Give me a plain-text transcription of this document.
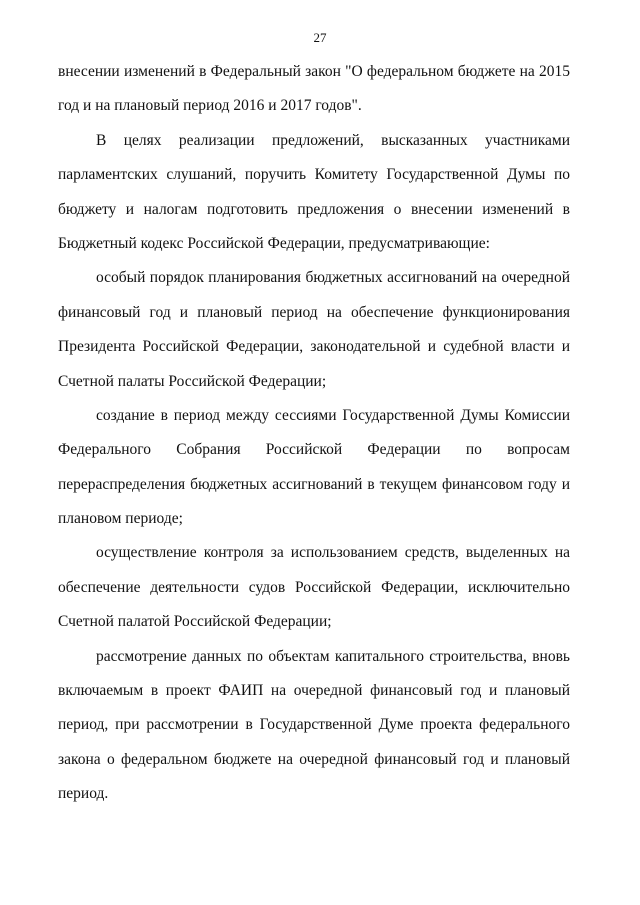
27
внесении изменений в Федеральный закон "О федеральном бюджете на 2015
год и на плановый период 2016 и 2017 годов".
В целях реализации предложений, высказанных участниками
парламентских слушаний, поручить Комитету Государственной Думы по
бюджету и налогам подготовить предложения о внесении изменений в
Бюджетный кодекс Российской Федерации, предусматривающие:
особый порядок планирования бюджетных ассигнований на очередной
финансовый год и плановый период на обеспечение функционирования
Президента Российской Федерации, законодательной и судебной власти и
Счетной палаты Российской Федерации;
создание в период между сессиями Государственной Думы Комиссии
Федерального Собрания Российской Федерации по вопросам
перераспределения бюджетных ассигнований в текущем финансовом году и
плановом периоде;
осуществление контроля за использованием средств, выделенных на
обеспечение деятельности судов Российской Федерации, исключительно
Счетной палатой Российской Федерации;
рассмотрение данных по объектам капитального строительства, вновь
включаемым в проект ФАИП на очередной финансовый год и плановый
период, при рассмотрении в Государственной Думе проекта федерального
закона о федеральном бюджете на очередной финансовый год и плановый
период.
